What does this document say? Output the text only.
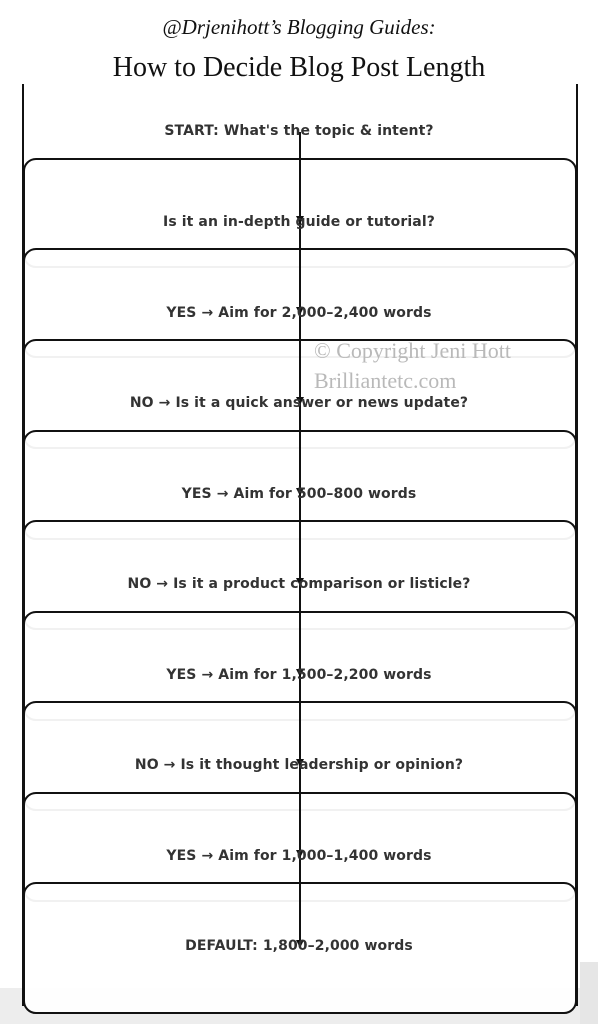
@Drjenihott’s Blogging Guides:
How to Decide Blog Post Length
START: What's the topic & intent?
Is it an in-depth guide or tutorial?
YES → Aim for 2,000–2,400 words
NO → Is it a quick answer or news update?
YES → Aim for 500–800 words
NO → Is it a product comparison or listicle?
YES → Aim for 1,500–2,200 words
NO → Is it thought leadership or opinion?
YES → Aim for 1,000–1,400 words
DEFAULT: 1,800–2,000 words
© Copyright Jeni Hott
Brilliantetc.com
